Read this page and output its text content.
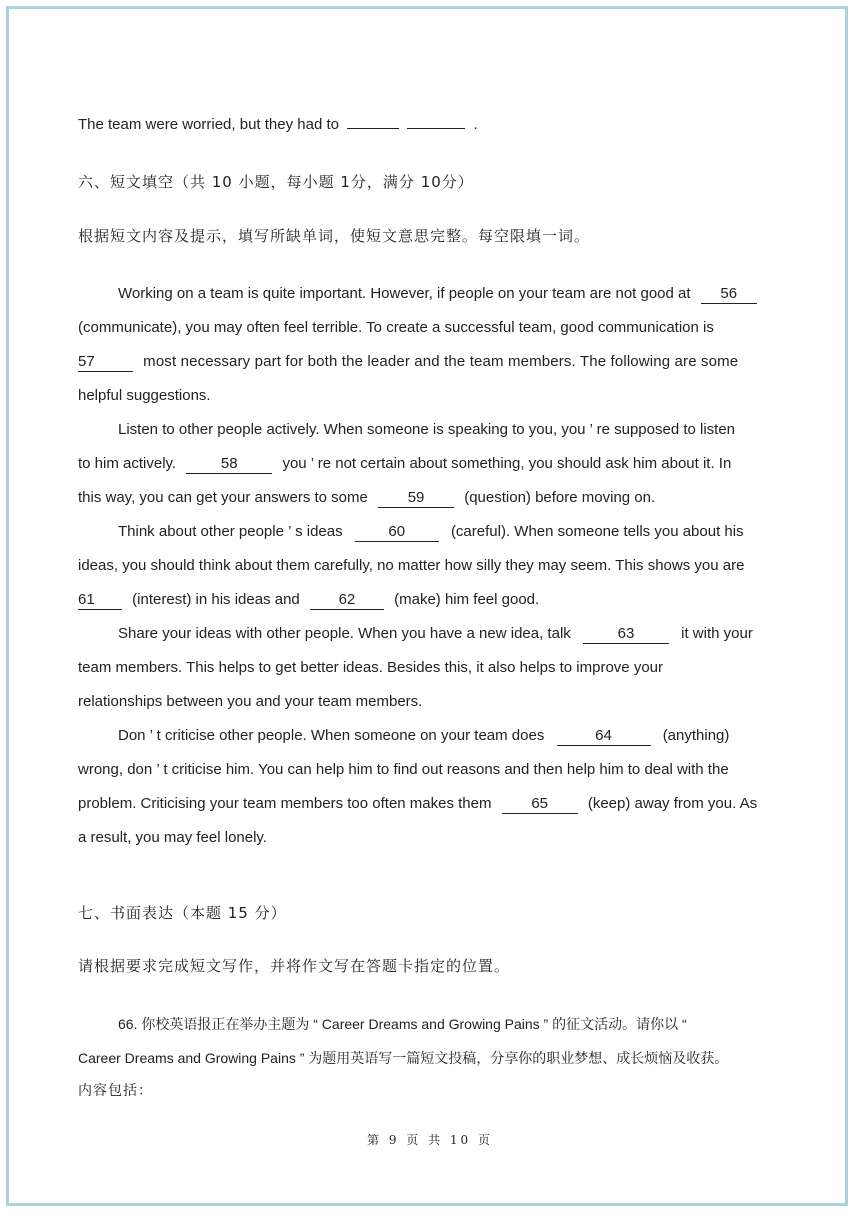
The team were worried, but they had to	.
六、短文填空（共 10 小题，每小题 1分，满分 10分）
根据短文内容及提示，填写所缺单词，使短文意思完整。每空限填一词。
Working on a team is quite important. However, if people on your team are not good at 56
(communicate), you may often feel terrible. To create a successful team, good communication is
57	most necessary part for both the leader and the team members. The following are some
helpful suggestions.
Listen to other people actively. When someone is speaking to you, you ’ re supposed to listen
to him actively.	58	you ’ re not certain about something, you should ask him about it. In
this way, you can get your answers to some	59	(question) before moving on.
Think about other people ’ s ideas	60	(careful). When someone tells you about his
ideas, you should think about them carefully, no matter how silly they may seem. This shows you are
61 (interest) in his ideas and	62	(make) him feel good.
Share your ideas with other people. When you have a new idea, talk	63	it with your
team members. This helps to get better ideas. Besides this, it also helps to improve your
relationships between you and your team members.
Don ’ t criticise other people. When someone on your team does	64	(anything)
wrong, don ’ t criticise him. You can help him to find out reasons and then help him to deal with the
problem. Criticising your team members too often makes them	65	(keep) away from you. As
a result, you may feel lonely.
七、书面表达（本题 15 分）
请根据要求完成短文写作，并将作文写在答题卡指定的位置。
66. 你校英语报正在举办主题为 “ Career Dreams and Growing Pains ” 的征文活动。请你以 “
Career Dreams and Growing Pains ” 为题用英语写一篇短文投稿，分享你的职业梦想、成长烦恼及收获。
内容包括：
第 9 页 共 10 页
